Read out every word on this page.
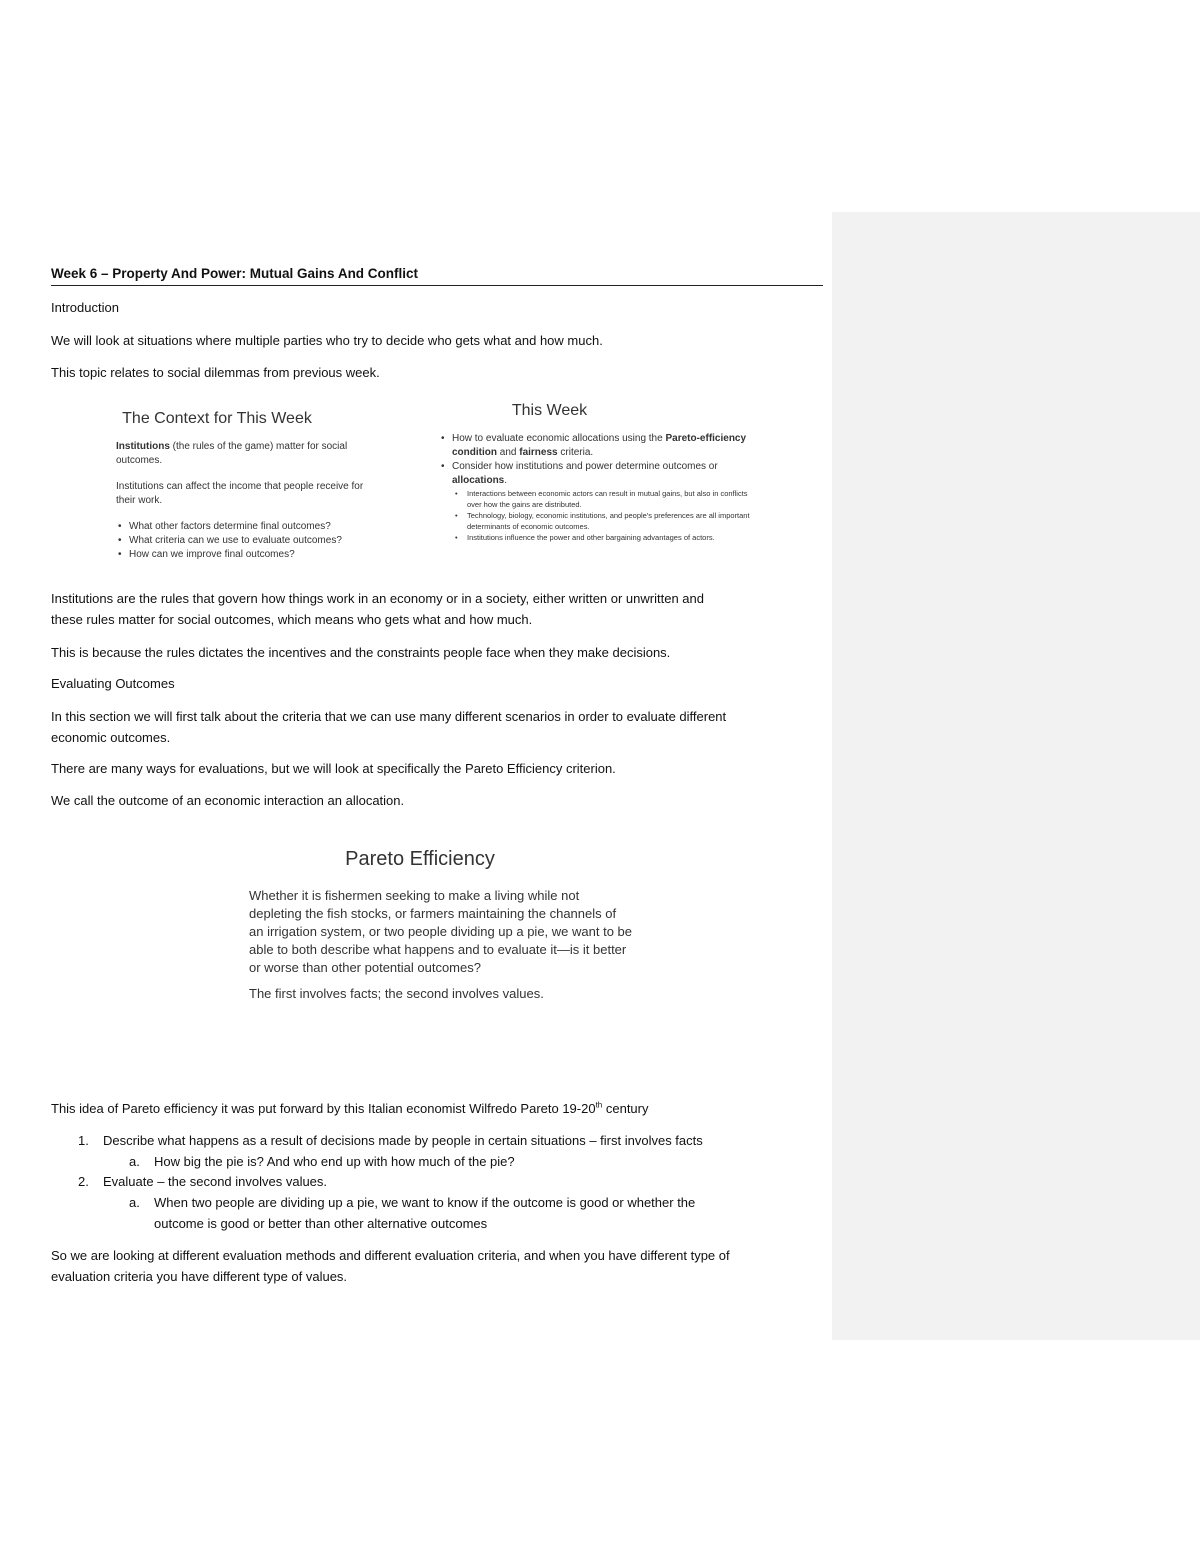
Week 6 – Property And Power: Mutual Gains And Conflict
Introduction
We will look at situations where multiple parties who try to decide who gets what and how much.
This topic relates to social dilemmas from previous week.
Institutions are the rules that govern how things work in an economy or in a society, either written or unwritten and
these rules matter for social outcomes, which means who gets what and how much.
This is because the rules dictates the incentives and the constraints people face when they make decisions.
Evaluating Outcomes
In this section we will first talk about the criteria that we can use many different scenarios in order to evaluate different
economic outcomes.
There are many ways for evaluations, but we will look at specifically the Pareto Efficiency criterion.
We call the outcome of an economic interaction an allocation.
This idea of Pareto efficiency it was put forward by this Italian economist Wilfredo Pareto 19-20th century
1. Describe what happens as a result of decisions made by people in certain situations – first involves facts
a. How big the pie is? And who end up with how much of the pie?
2. Evaluate – the second involves values.
a. When two people are dividing up a pie, we want to know if the outcome is good or whether the
outcome is good or better than other alternative outcomes
So we are looking at different evaluation methods and different evaluation criteria, and when you have different type of
evaluation criteria you have different type of values.
The Context for This Week
Institutions (the rules of the game) matter for social outcomes.
Institutions can affect the income that people receive for their work.
• What other factors determine final outcomes?
• What criteria can we use to evaluate outcomes?
• How can we improve final outcomes?
This Week
• How to evaluate economic allocations using the Pareto-efficiency condition and fairness criteria.
• Consider how institutions and power determine outcomes or allocations.
• Interactions between economic actors can result in mutual gains, but also in conflicts over how the gains are distributed.
• Technology, biology, economic institutions, and people's preferences are all important determinants of economic outcomes.
• Institutions influence the power and other bargaining advantages of actors.
Pareto Efficiency
Whether it is fishermen seeking to make a living while not depleting the fish stocks, or farmers maintaining the channels of an irrigation system, or two people dividing up a pie, we want to be able to both describe what happens and to evaluate it—is it better or worse than other potential outcomes?
The first involves facts; the second involves values.
